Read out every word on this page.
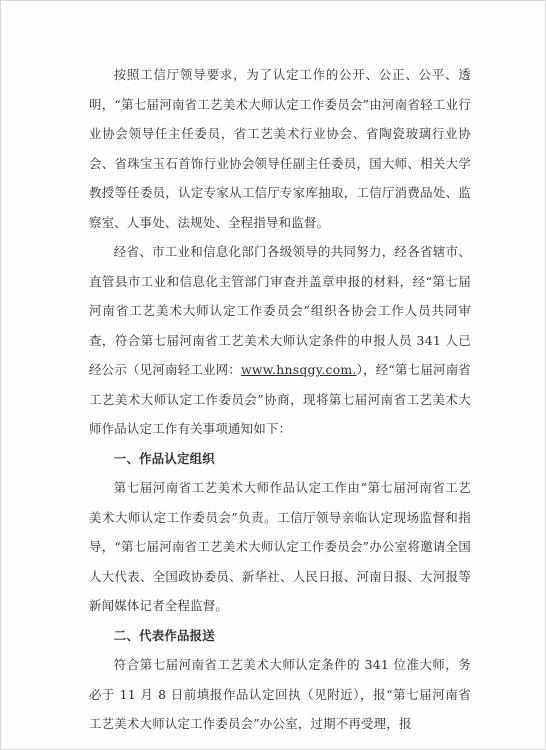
按照工信厅领导要求，为了认定工作的公开、公正、公平、透明，“第七届河南省工艺美术大师认定工作委员会”由河南省轻工业行业协会领导任主任委员，省工艺美术行业协会、省陶瓷玻璃行业协会、省珠宝玉石首饰行业协会领导任副主任委员，国大师、相关大学教授等任委员，认定专家从工信厅专家库抽取，工信厅消费品处、监察室、人事处、法规处、全程指导和监督。

经省、市工业和信息化部门各级领导的共同努力，经各省辖市、直管县市工业和信息化主管部门审查并盖章申报的材料，经“第七届河南省工艺美术大师认定工作委员会”组织各协会工作人员共同审查，符合第七届河南省工艺美术大师认定条件的申报人员 341 人已经公示（见河南轻工业网：www.hnsqgy.com.），经“第七届河南省工艺美术大师认定工作委员会”协商，现将第七届河南省工艺美术大师作品认定工作有关事项通知如下：

一、作品认定组织

第七届河南省工艺美术大师作品认定工作由“第七届河南省工艺美术大师认定工作委员会”负责。工信厅领导亲临认定现场监督和指导，“第七届河南省工艺美术大师认定工作委员会”办公室将邀请全国人大代表、全国政协委员、新华社、人民日报、河南日报、大河报等新闻媒体记者全程监督。

二、代表作品报送

符合第七届河南省工艺美术大师认定条件的 341 位准大师，务必于 11 月 8 日前填报作品认定回执（见附近），报“第七届河南省工艺美术大师认定工作委员会”办公室，过期不再受理，报
